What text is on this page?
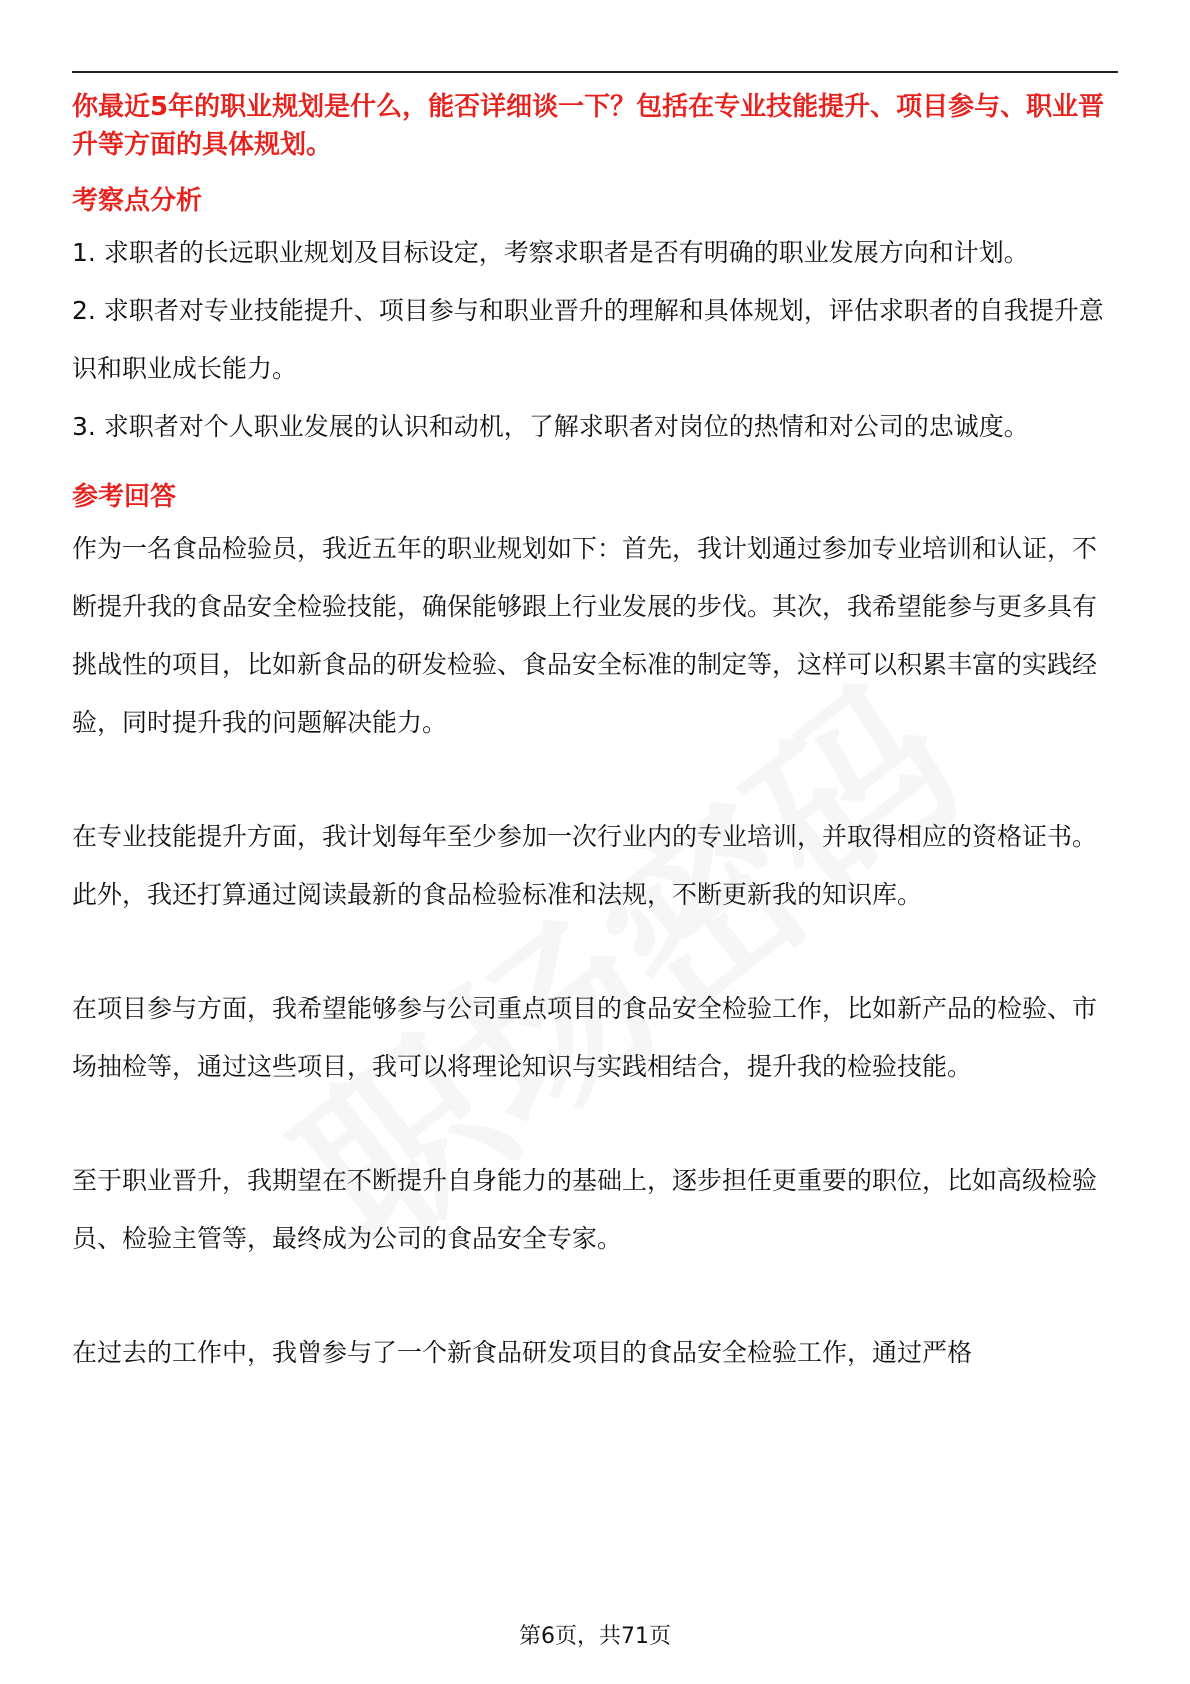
你最近5年的职业规划是什么，能否详细谈一下？包括在专业技能提升、项目参与、职业晋升等方面的具体规划。

考察点分析

1. 求职者的长远职业规划及目标设定，考察求职者是否有明确的职业发展方向和计划。

2. 求职者对专业技能提升、项目参与和职业晋升的理解和具体规划，评估求职者的自我提升意识和职业成长能力。

3. 求职者对个人职业发展的认识和动机，了解求职者对岗位的热情和对公司的忠诚度。

参考回答

作为一名食品检验员，我近五年的职业规划如下：首先，我计划通过参加专业培训和认证，不断提升我的食品安全检验技能，确保能够跟上行业发展的步伐。其次，我希望能参与更多具有挑战性的项目，比如新食品的研发检验、食品安全标准的制定等，这样可以积累丰富的实践经验，同时提升我的问题解决能力。

在专业技能提升方面，我计划每年至少参加一次行业内的专业培训，并取得相应的资格证书。此外，我还打算通过阅读最新的食品检验标准和法规，不断更新我的知识库。

在项目参与方面，我希望能够参与公司重点项目的食品安全检验工作，比如新产品的检验、市场抽检等，通过这些项目，我可以将理论知识与实践相结合，提升我的检验技能。

至于职业晋升，我期望在不断提升自身能力的基础上，逐步担任更重要的职位，比如高级检验员、检验主管等，最终成为公司的食品安全专家。

在过去的工作中，我曾参与了一个新食品研发项目的食品安全检验工作，通过严格

第6页，共71页
